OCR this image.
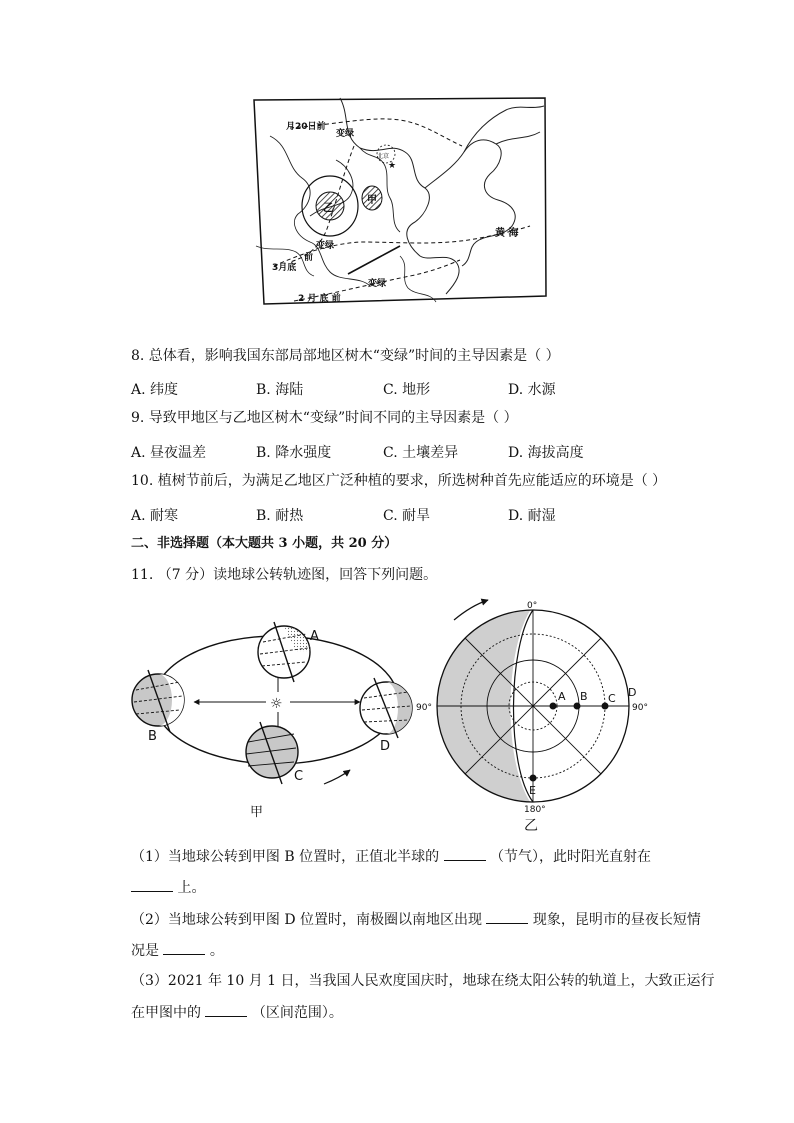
★
月20日前
变绿
北京
乙
甲
黄 海
变绿
3月底
前
变绿
2 月 底 前
8. 总体看，影响我国东部局部地区树木“变绿”时间的主导因素是（ ）
A. 纬度	B. 海陆	C. 地形	D. 水源
9. 导致甲地区与乙地区树木“变绿”时间不同的主导因素是（ ）
A. 昼夜温差	B. 降水强度	C. 土壤差异	D. 海拔高度
10. 植树节前后，为满足乙地区广泛种植的要求，所选树种首先应能适应的环境是（ ）
A. 耐寒	B. 耐热	C. 耐旱	D. 耐湿
二、非选择题（本大题共 3 小题，共 20 分）
11. （7 分）读地球公转轨迹图，回答下列问题。
☼
A
B
C
D
甲
0°
90°	90°
180°
A B C D
E
乙
（1）当地球公转到甲图 B 位置时，正值北半球的	（节气），此时阳光直射在
上。
（2）当地球公转到甲图 D 位置时，南极圈以南地区出现	现象，昆明市的昼夜长短情
况是	。
（3）2021 年 10 月 1 日，当我国人民欢度国庆时，地球在绕太阳公转的轨道上，大致正运行
在甲图中的	（区间范围）。
